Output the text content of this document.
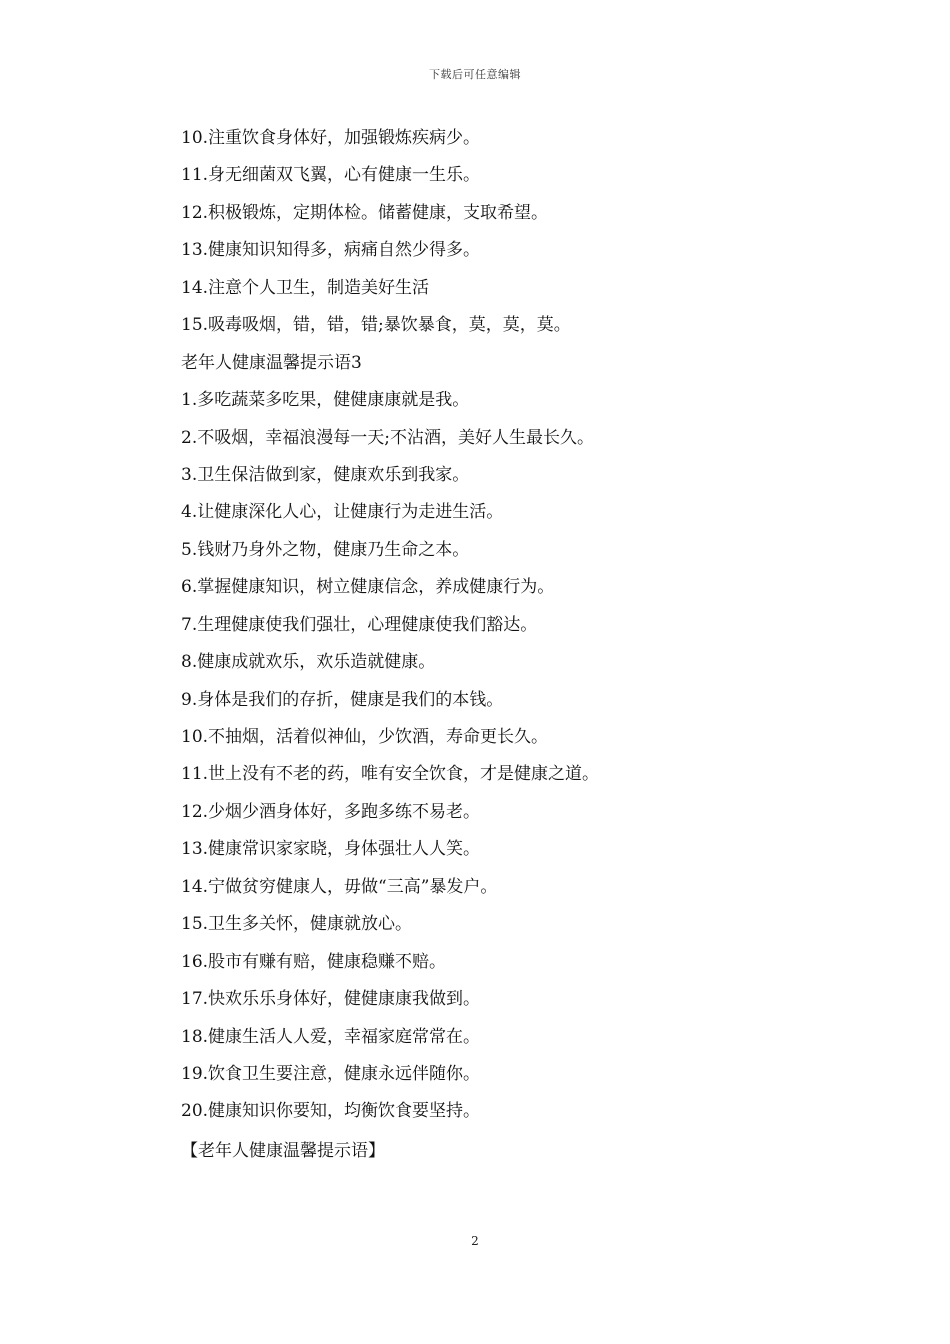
下载后可任意编辑
10.注重饮食身体好，加强锻炼疾病少。
11.身无细菌双飞翼，心有健康一生乐。
12.积极锻炼，定期体检。储蓄健康，支取希望。
13.健康知识知得多，病痛自然少得多。
14.注意个人卫生，制造美好生活
15.吸毒吸烟，错，错，错;暴饮暴食，莫，莫，莫。
老年人健康温馨提示语3
1.多吃蔬菜多吃果，健健康康就是我。
2.不吸烟，幸福浪漫每一天;不沾酒，美好人生最长久。
3.卫生保洁做到家，健康欢乐到我家。
4.让健康深化人心，让健康行为走进生活。
5.钱财乃身外之物，健康乃生命之本。
6.掌握健康知识，树立健康信念，养成健康行为。
7.生理健康使我们强壮，心理健康使我们豁达。
8.健康成就欢乐，欢乐造就健康。
9.身体是我们的存折，健康是我们的本钱。
10.不抽烟，活着似神仙，少饮酒，寿命更长久。
11.世上没有不老的药，唯有安全饮食，才是健康之道。
12.少烟少酒身体好，多跑多练不易老。
13.健康常识家家晓，身体强壮人人笑。
14.宁做贫穷健康人，毋做“三高”暴发户。
15.卫生多关怀，健康就放心。
16.股市有赚有赔，健康稳赚不赔。
17.快欢乐乐身体好，健健康康我做到。
18.健康生活人人爱，幸福家庭常常在。
19.饮食卫生要注意，健康永远伴随你。
20.健康知识你要知，均衡饮食要坚持。
【老年人健康温馨提示语】
2
